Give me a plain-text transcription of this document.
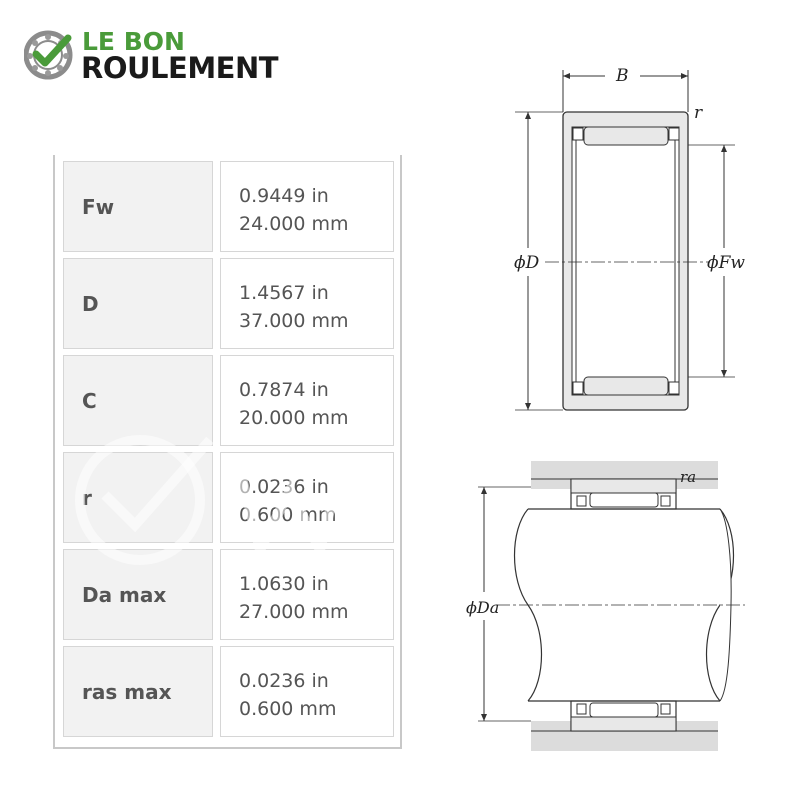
LE BON
ROULEMENT
Fw	0.9449 in
24.000 mm
D	1.4567 in
37.000 mm
C	0.7874 in
20.000 mm
r	0.0236 in
0.600 mm
Da max	1.0630 in
27.000 mm
ras max	0.0236 in
0.600 mm
B
r
ϕD	ϕFw
ra
ϕDa
